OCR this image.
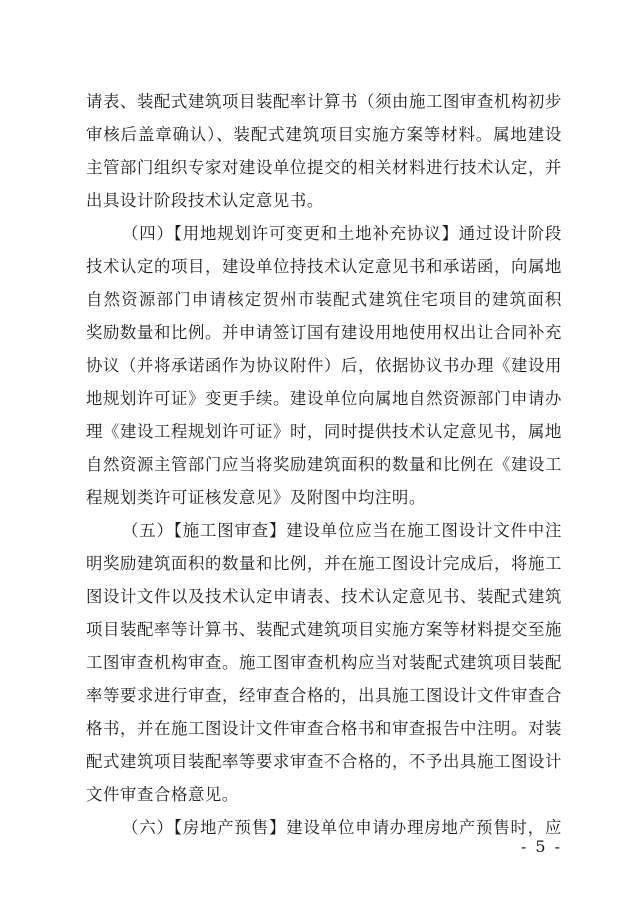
请表、装配式建筑项目装配率计算书（须由施工图审查机构初步
审核后盖章确认）、装配式建筑项目实施方案等材料。属地建设
主管部门组织专家对建设单位提交的相关材料进行技术认定，并
出具设计阶段技术认定意见书。
（四）【用地规划许可变更和土地补充协议】通过设计阶段
技术认定的项目，建设单位持技术认定意见书和承诺函，向属地
自然资源部门申请核定贺州市装配式建筑住宅项目的建筑面积
奖励数量和比例。并申请签订国有建设用地使用权出让合同补充
协议（并将承诺函作为协议附件）后，依据协议书办理《建设用
地规划许可证》变更手续。建设单位向属地自然资源部门申请办
理《建设工程规划许可证》时，同时提供技术认定意见书，属地
自然资源主管部门应当将奖励建筑面积的数量和比例在《建设工
程规划类许可证核发意见》及附图中均注明。
（五）【施工图审查】建设单位应当在施工图设计文件中注
明奖励建筑面积的数量和比例，并在施工图设计完成后，将施工
图设计文件以及技术认定申请表、技术认定意见书、装配式建筑
项目装配率等计算书、装配式建筑项目实施方案等材料提交至施
工图审查机构审查。施工图审查机构应当对装配式建筑项目装配
率等要求进行审查，经审查合格的，出具施工图设计文件审查合
格书，并在施工图设计文件审查合格书和审查报告中注明。对装
配式建筑项目装配率等要求审查不合格的，不予出具施工图设计
文件审查合格意见。
（六）【房地产预售】建设单位申请办理房地产预售时，应
- 5 -
